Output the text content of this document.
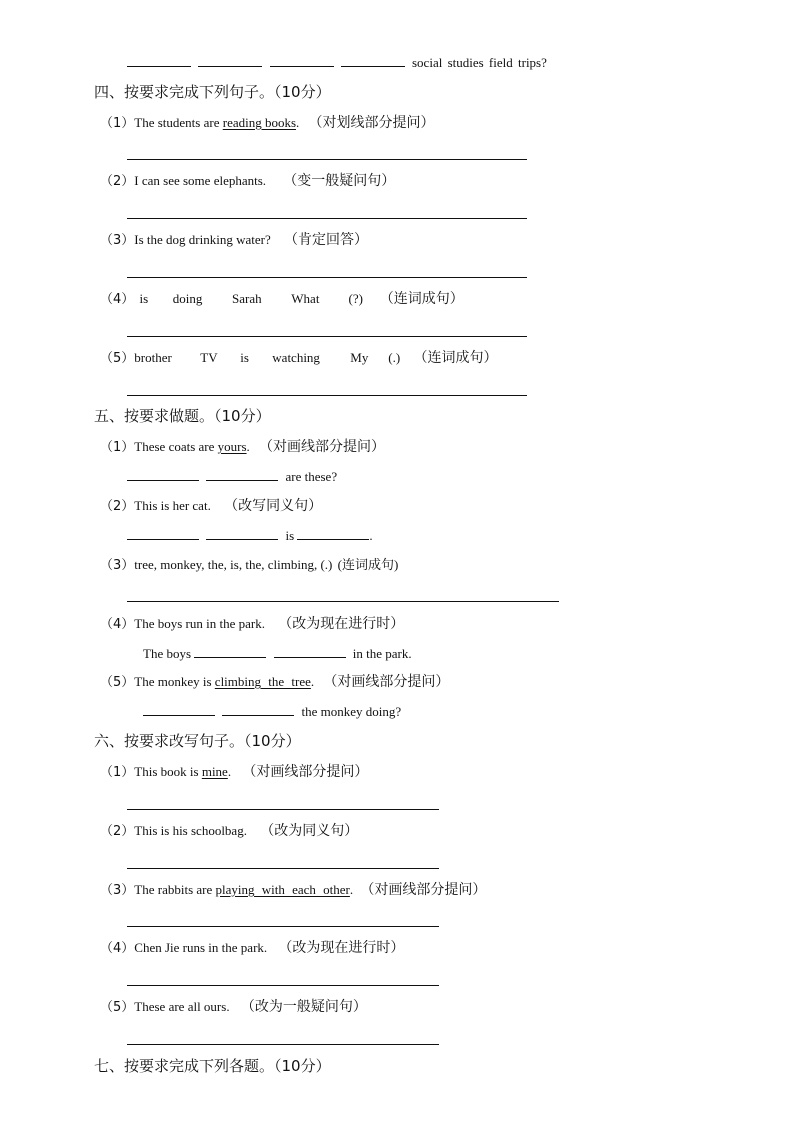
social studies field trips?
四、按要求完成下列句子。（10分）
（1）The students are reading books. （对划线部分提问）
（2）I can see some elephants. （变一般疑问句）
（3）Is the dog drinking water? （肯定回答）
（4） is doing Sarah What (?) （连词成句）
（5）brother TV is watching My (.) （连词成句）
五、按要求做题。（10分）
（1）These coats are yours. （对画线部分提问）
are these?
（2）This is her cat. （改写同义句）
is	.
（3）tree, monkey, the, is, the, climbing, (.) (连词成句)
（4）The boys run in the park. （改为现在进行时）
The boys	in the park.
（5）The monkey is climbing the tree. （对画线部分提问）
the monkey doing?
六、按要求改写句子。（10分）
（1）This book is mine. （对画线部分提问）
（2）This is his schoolbag. （改为同义句）
（3）The rabbits are playing with each other. （对画线部分提问）
（4）Chen Jie runs in the park. （改为现在进行时）
（5）These are all ours. （改为一般疑问句）
七、按要求完成下列各题。（10分）
